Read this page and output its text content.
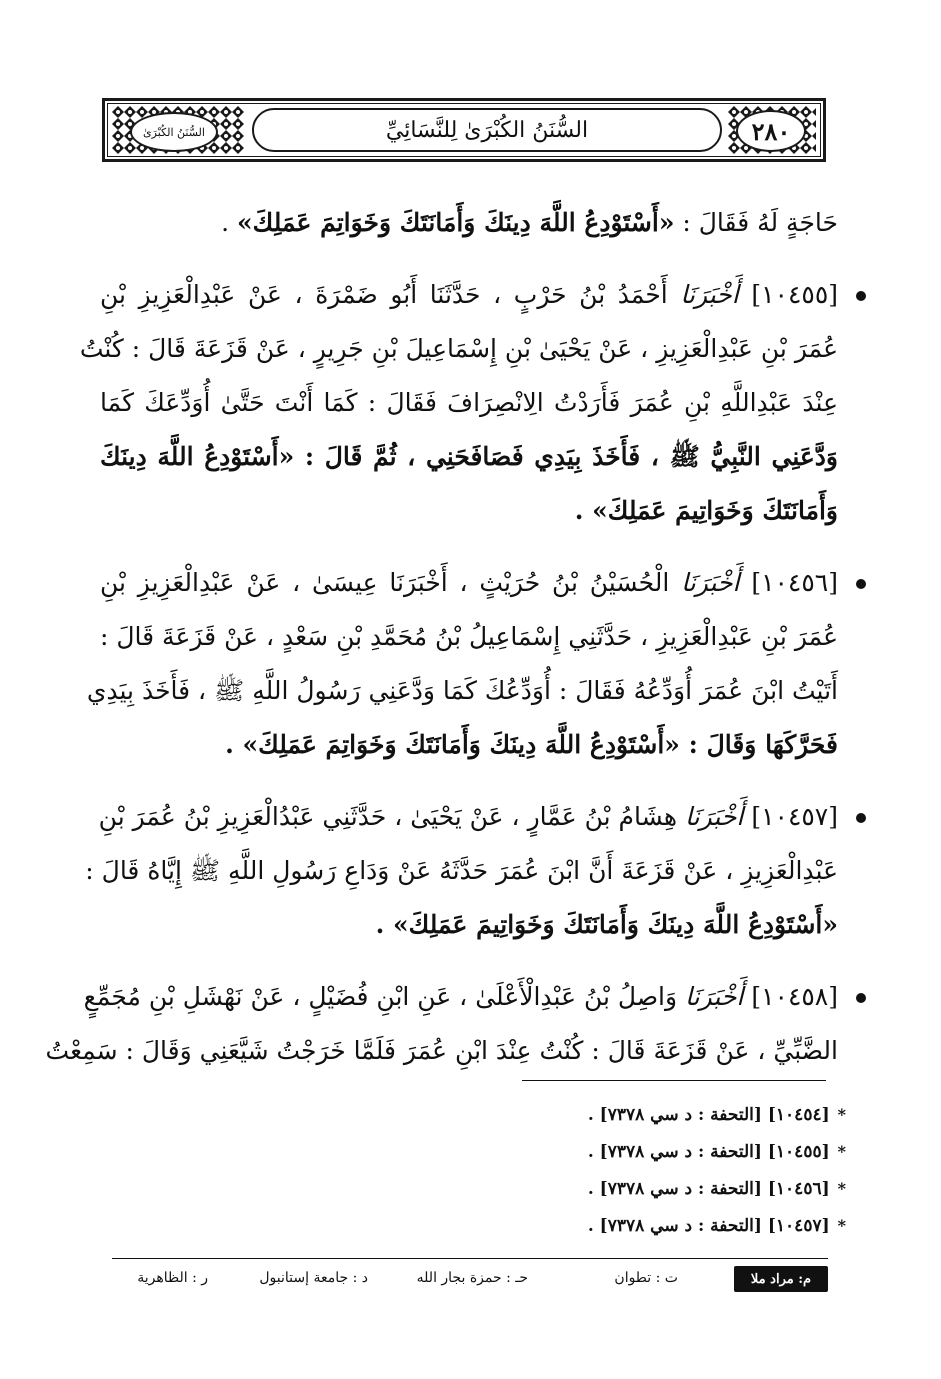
السُّنَنُ الكُبْرَىٰ لِلنَّسَائِيِّ
السُّنَنُ الكُبْرَىٰ	٢٨٠
حَاجَةٍ لَهُ فَقَالَ : «أَسْتَوْدِعُ اللَّهَ دِينَكَ وَأَمَانَتَكَ وَخَوَاتِمَ عَمَلِكَ» .
[١٠٤٥٥] أَخْبَرَنَا أَحْمَدُ بْنُ حَرْبٍ ، حَدَّثَنَا أَبُو ضَمْرَةَ ، عَنْ عَبْدِالْعَزِيزِ بْنِ
عُمَرَ بْنِ عَبْدِالْعَزِيزِ ، عَنْ يَحْيَىٰ بْنِ إِسْمَاعِيلَ بْنِ جَرِيرٍ ، عَنْ قَزَعَةَ قَالَ : كُنْتُ
عِنْدَ عَبْدِاللَّهِ بْنِ عُمَرَ فَأَرَدْتُ الِانْصِرَافَ فَقَالَ : كَمَا أَنْتَ حَتَّىٰ أُوَدِّعَكَ كَمَا
وَدَّعَنِي النَّبِيُّ ﷺ ، فَأَخَذَ بِيَدِي فَصَافَحَنِي ، ثُمَّ قَالَ : «أَسْتَوْدِعُ اللَّهَ دِينَكَ
وَأَمَانَتَكَ وَخَوَاتِيمَ عَمَلِكَ» .
[١٠٤٥٦] أَخْبَرَنَا الْحُسَيْنُ بْنُ حُرَيْثٍ ، أَخْبَرَنَا عِيسَىٰ ، عَنْ عَبْدِالْعَزِيزِ بْنِ
عُمَرَ بْنِ عَبْدِالْعَزِيزِ ، حَدَّثَنِي إِسْمَاعِيلُ بْنُ مُحَمَّدِ بْنِ سَعْدٍ ، عَنْ قَزَعَةَ قَالَ :
أَتَيْتُ ابْنَ عُمَرَ أُوَدِّعُهُ فَقَالَ : أُوَدِّعُكَ كَمَا وَدَّعَنِي رَسُولُ اللَّهِ ﷺ ، فَأَخَذَ بِيَدِي
فَحَرَّكَهَا وَقَالَ : «أَسْتَوْدِعُ اللَّهَ دِينَكَ وَأَمَانَتَكَ وَخَوَاتِمَ عَمَلِكَ» .
[١٠٤٥٧] أَخْبَرَنَا هِشَامُ بْنُ عَمَّارٍ ، عَنْ يَحْيَىٰ ، حَدَّثَنِي عَبْدُالْعَزِيزِ بْنُ عُمَرَ بْنِ
عَبْدِالْعَزِيزِ ، عَنْ قَزَعَةَ أَنَّ ابْنَ عُمَرَ حَدَّثَهُ عَنْ وَدَاعِ رَسُولِ اللَّهِ ﷺ إِيَّاهُ قَالَ :
«أَسْتَوْدِعُ اللَّهَ دِينَكَ وَأَمَانَتَكَ وَخَوَاتِيمَ عَمَلِكَ» .
[١٠٤٥٨] أَخْبَرَنَا وَاصِلُ بْنُ عَبْدِالْأَعْلَىٰ ، عَنِ ابْنِ فُضَيْلٍ ، عَنْ نَهْشَلِ بْنِ مُجَمِّعٍ
الضَّبِّيِّ ، عَنْ قَزَعَةَ قَالَ : كُنْتُ عِنْدَ ابْنِ عُمَرَ فَلَمَّا خَرَجْتُ شَيَّعَنِي وَقَالَ : سَمِعْتُ
*[١٠٤٥٤] [التحفة : د سي ٧٣٧٨] .
*[١٠٤٥٥] [التحفة : د سي ٧٣٧٨] .
*[١٠٤٥٦] [التحفة : د سي ٧٣٧٨] .
*[١٠٤٥٧] [التحفة : د سي ٧٣٧٨] .
م: مراد ملا
ت : تطوان
حـ : حمزة بجار الله
د : جامعة إستانبول
ر : الظاهرية
